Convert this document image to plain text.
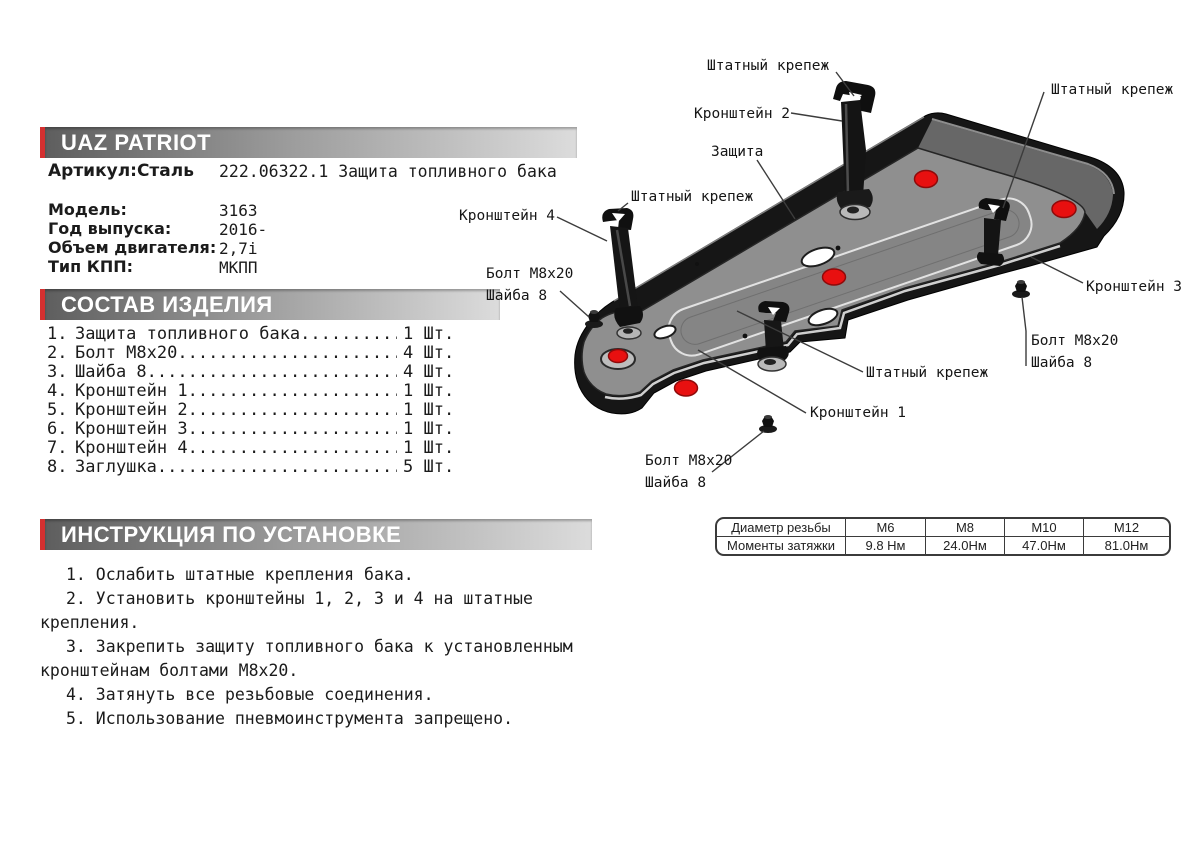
UAZ PATRIOT
Артикул:Сталь 222.06322.1 Защита топливного бака
Модель:	3163
Год выпуска:	2016-
Объем двигателя: 2,7i
Тип КПП:	МКПП
СОСТАВ ИЗДЕЛИЯ
1. Защита топливного бака .....	1 Шт.
2. Болт М8х20 .....	4 Шт.
3. Шайба 8 .....	4 Шт.
4. Кронштейн 1 .....	1 Шт.
5. Кронштейн 2 .....	1 Шт.
6. Кронштейн 3 .....	1 Шт.
7. Кронштейн 4 .....	1 Шт.
8. Заглушка .....	5 Шт.
ИНСТРУКЦИЯ ПО УСТАНОВКЕ

1. Ослабить штатные крепления бака.

2. Установить кронштейны 1, 2, 3 и 4 на штатные крепления.

3. Закрепить защиту топливного бака к установленным кронштейнам болтами М8х20.

4. Затянуть все резьбовые соединения.

5. Использование пневмоинструмента запрещено.

Диаметр резьбы	М6	М8	М10	М12
Моменты затяжки	9.8 Нм	24.0Нм	47.0Нм	81.0Нм
Штатный крепеж
Кронштейн 2
Защита
Штатный крепеж
Кронштейн 4
Штатный крепеж
Болт М8х20
Шайба 8
Кронштейн 3
Болт М8х20
Шайба 8
Штатный крепеж
Кронштейн 1
Болт М8х20
Шайба 8
